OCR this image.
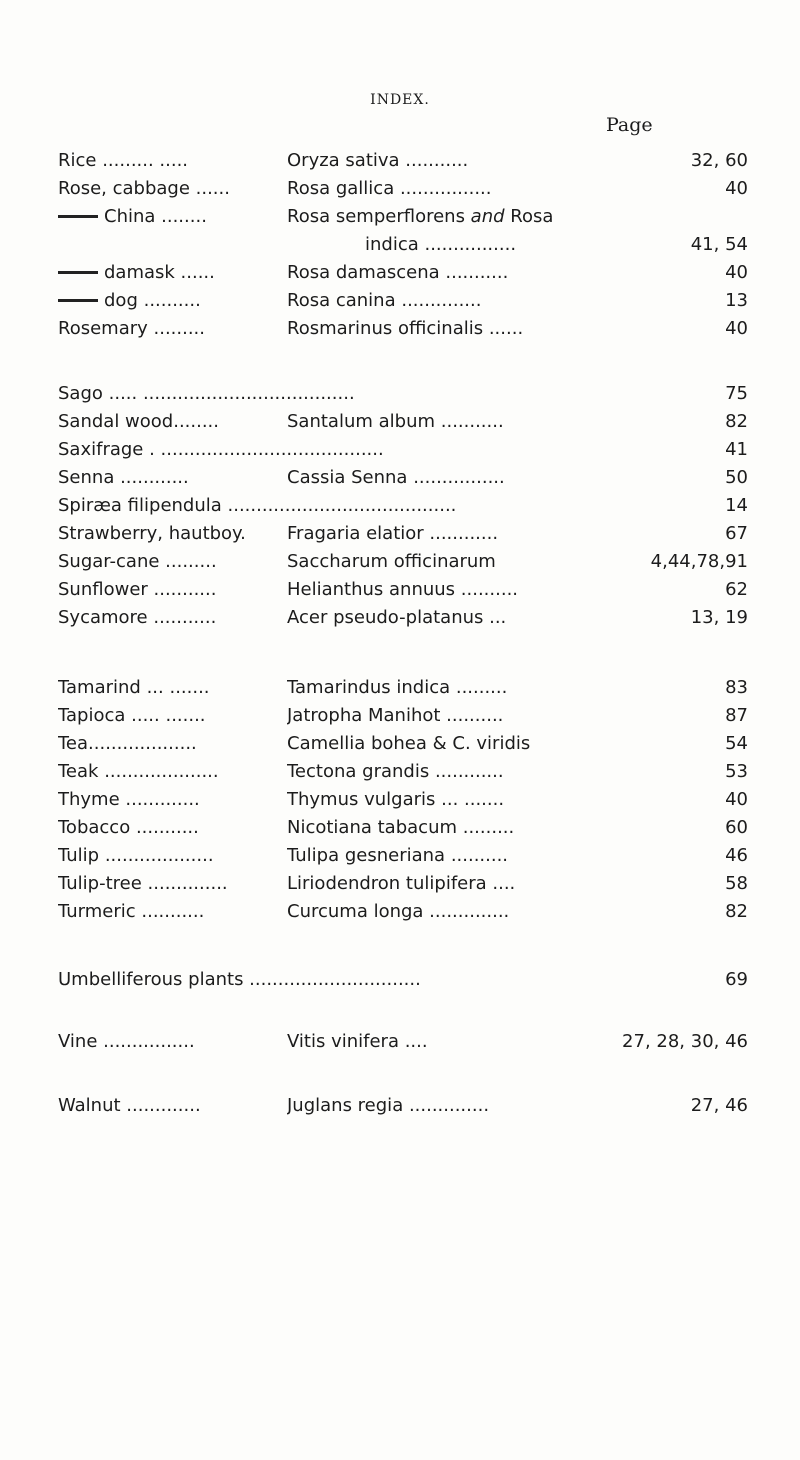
INDEX.
Page
Rice ......... .....	Oryza sativa ...........	32, 60
Rose, cabbage ......	Rosa gallica ................	40
China ........	Rosa semperflorens and Rosa
indica ................	41, 54
damask ......	Rosa damascena ...........	40
dog ..........	Rosa canina ..............	13
Rosemary .........	Rosmarinus officinalis ......	40
Sago ..... .....................................	75
Sandal wood........	Santalum album ...........	82
Saxifrage . .......................................	41
Senna ............	Cassia Senna ................	50
Spiræa filipendula ........................................	14
Strawberry, hautboy.	Fragaria elatior ............	67
Sugar-cane .........	Saccharum officinarum	4,44,78,91
Sunflower ...........	Helianthus annuus ..........	62
Sycamore ...........	Acer pseudo-platanus ...	13, 19
Tamarind ... .......	Tamarindus indica .........	83
Tapioca ..... .......	Jatropha Manihot ..........	87
Tea...................	Camellia bohea & C. viridis	54
Teak ....................	Tectona grandis ............	53
Thyme .............	Thymus vulgaris ... .......	40
Tobacco ...........	Nicotiana tabacum .........	60
Tulip ...................	Tulipa gesneriana ..........	46
Tulip-tree ..............	Liriodendron tulipifera ....	58
Turmeric ...........	Curcuma longa ..............	82
Umbelliferous plants ..............................	69
Vine ................	Vitis vinifera ....	27, 28, 30, 46
Walnut .............	Juglans regia ..............	27, 46
